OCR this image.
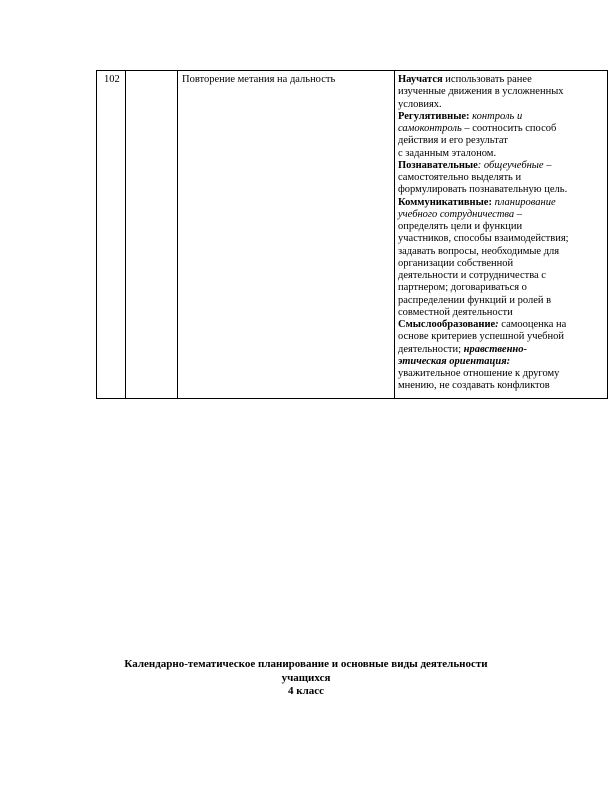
102	Повторение метания на дальность	Научатся использовать ранее
изученные движения в усложненных
условиях.
Регулятивные: контроль и
самоконтроль – соотносить способ
действия и его результат
с заданным эталоном.
Познавательные: общеучебные –
самостоятельно выделять и
формулировать познавательную цель.
Коммуникативные: планирование
учебного сотрудничества –
определять цели и функции
участников, способы взаимодействия;
задавать вопросы, необходимые для
организации собственной
деятельности и сотрудничества с
партнером; договариваться о
распределении функций и ролей в
совместной деятельности
Смыслообразование: самооценка на
основе критериев успешной учебной
деятельности; нравственно-
этическая ориентация:
уважительное отношение к другому
мнению, не создавать конфликтов
Календарно-тематическое планирование и основные виды деятельности
учащихся
4 класс
